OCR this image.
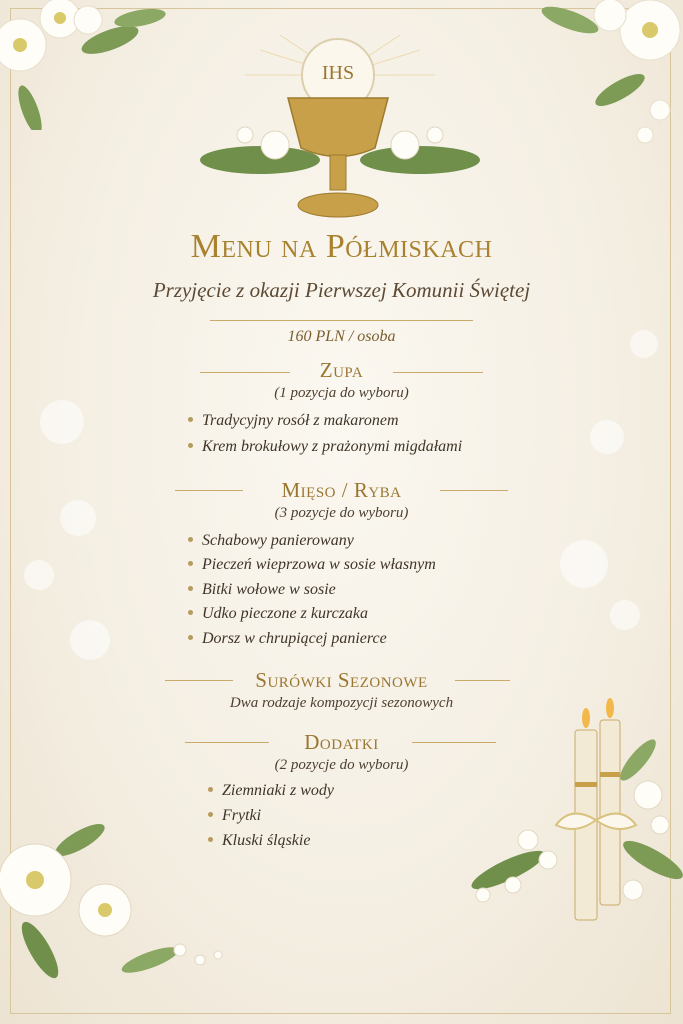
IHS
Menu na Półmiskach
Przyjęcie z okazji Pierwszej Komunii Świętej
160 PLN / osoba
Zupa
(1 pozycja do wyboru)
Tradycyjny rosół z makaronem
Krem brokułowy z prażonymi migdałami
Mięso / Ryba
(3 pozycje do wyboru)
Schabowy panierowany
Pieczeń wieprzowa w sosie własnym
Bitki wołowe w sosie
Udko pieczone z kurczaka
Dorsz w chrupiącej panierce
Surówki Sezonowe
Dwa rodzaje kompozycji sezonowych
Dodatki
(2 pozycje do wyboru)
Ziemniaki z wody
Frytki
Kluski śląskie
